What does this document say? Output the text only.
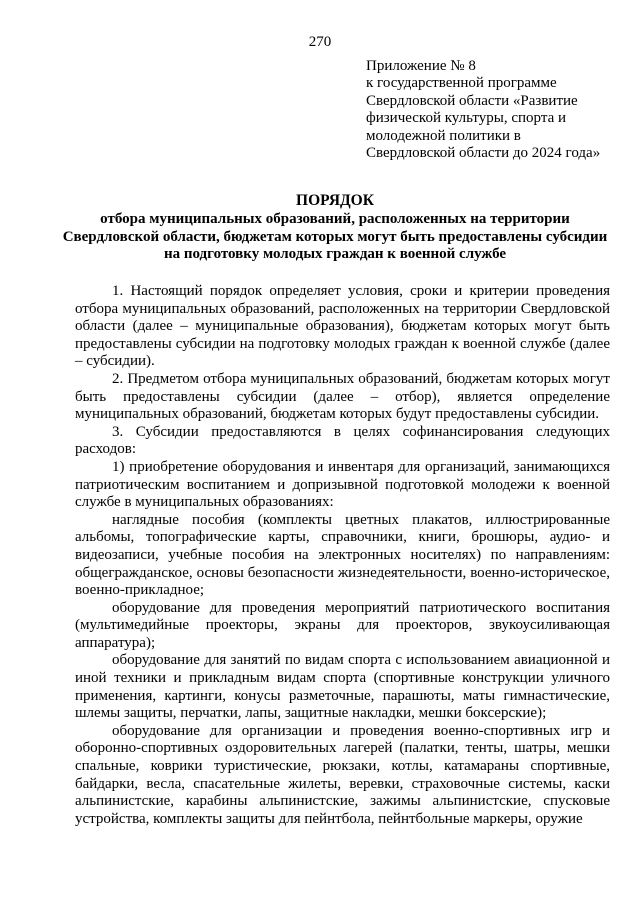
270
Приложение № 8
к государственной программе
Свердловской области «Развитие
физической культуры, спорта и
молодежной политики в
Свердловской области до 2024 года»
ПОРЯДОК
отбора муниципальных образований, расположенных на территории Свердловской области, бюджетам которых могут быть предоставлены субсидии на подготовку молодых граждан к военной службе

1. Настоящий порядок определяет условия, сроки и критерии проведения отбора муниципальных образований, расположенных на территории Свердловской области (далее – муниципальные образования), бюджетам которых могут быть предоставлены субсидии на подготовку молодых граждан к военной службе (далее – субсидии).

2. Предметом отбора муниципальных образований, бюджетам которых могут быть предоставлены субсидии (далее – отбор), является определение муниципальных образований, бюджетам которых будут предоставлены субсидии.

3. Субсидии предоставляются в целях софинансирования следующих расходов:

1) приобретение оборудования и инвентаря для организаций, занимающихся патриотическим воспитанием и допризывной подготовкой молодежи к военной службе в муниципальных образованиях:

наглядные пособия (комплекты цветных плакатов, иллюстрированные альбомы, топографические карты, справочники, книги, брошюры, аудио- и видеозаписи, учебные пособия на электронных носителях) по направлениям: общегражданское, основы безопасности жизнедеятельности, военно-историческое, военно-прикладное;

оборудование для проведения мероприятий патриотического воспитания (мультимедийные проекторы, экраны для проекторов, звукоусиливающая аппаратура);

оборудование для занятий по видам спорта с использованием авиационной и иной техники и прикладным видам спорта (спортивные конструкции уличного применения, картинги, конусы разметочные, парашюты, маты гимнастические, шлемы защиты, перчатки, лапы, защитные накладки, мешки боксерские);

оборудование для организации и проведения военно-спортивных игр и оборонно-спортивных оздоровительных лагерей (палатки, тенты, шатры, мешки спальные, коврики туристические, рюкзаки, котлы, катамараны спортивные, байдарки, весла, спасательные жилеты, веревки, страховочные системы, каски альпинистские, карабины альпинистские, зажимы альпинистские, спусковые устройства, комплекты защиты для пейнтбола, пейнтбольные маркеры, оружие
